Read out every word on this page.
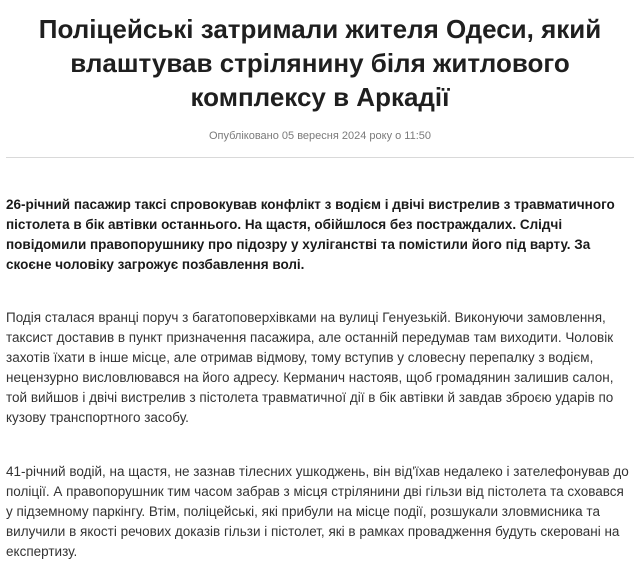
Поліцейські затримали жителя Одеси, який влаштував стрілянину біля житлового комплексу в Аркадії
Опубліковано 05 вересня 2024 року о 11:50

26-річний пасажир таксі спровокував конфлікт з водієм і двічі вистрелив з травматичного пістолета в бік автівки останнього. На щастя, обійшлося без постраждалих. Слідчі повідомили правопорушнику про підозру у хуліганстві та помістили його під варту. За скоєне чоловіку загрожує позбавлення волі.

Подія сталася вранці поруч з багатоповерхівками на вулиці Генуезькій. Виконуючи замовлення, таксист доставив в пункт призначення пасажира, але останній передумав там виходити. Чоловік захотів їхати в інше місце, але отримав відмову, тому вступив у словесну перепалку з водієм, нецензурно висловлювався на його адресу. Керманич настояв, щоб громадянин залишив салон, той вийшов і двічі вистрелив з пістолета травматичної дії в бік автівки й завдав зброєю ударів по кузову транспортного засобу.

41-річний водій, на щастя, не зазнав тілесних ушкоджень, він від'їхав недалеко і зателефонував до поліції. А правопорушник тим часом забрав з місця стрілянини дві гільзи від пістолета та сховався у підземному паркінгу. Втім, поліцейські, які прибули на місце події, розшукали зловмисника та вилучили в якості речових доказів гільзи і пістолет, які в рамках провадження будуть скеровані на експертизу.
